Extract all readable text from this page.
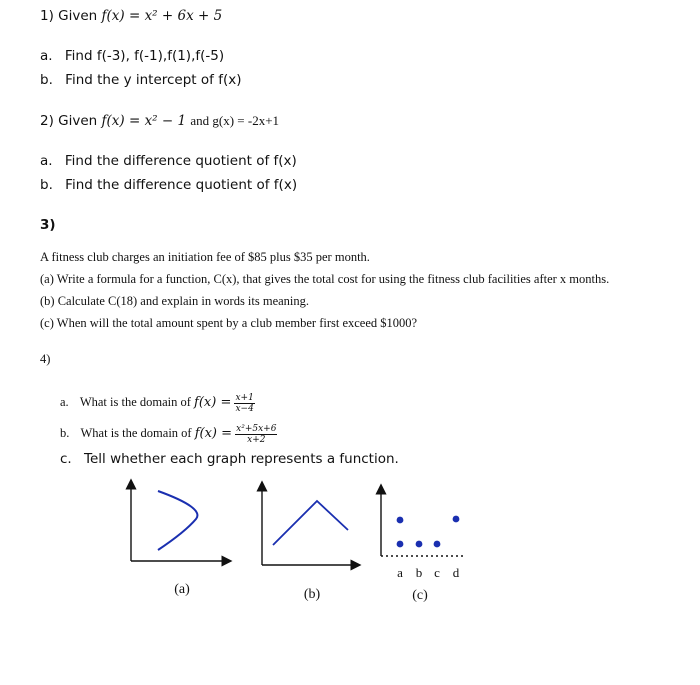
1) Given f(x) = x² + 6x + 5
a. Find f(-3), f(-1),f(1),f(-5)
b. Find the y intercept of f(x)
2) Given f(x) = x² − 1 and g(x) = -2x+1
a. Find the difference quotient of f(x)
b. Find the difference quotient of f(x)
3)
A fitness club charges an initiation fee of $85 plus $35 per month.
(a) Write a formula for a function, C(x), that gives the total cost for using the fitness club facilities after x months.
(b) Calculate C(18) and explain in words its meaning.
(c) When will the total amount spent by a club member first exceed $1000?
4)
a. What is the domain of $f(x) = \frac{x+1}{x-4}$
b. What is the domain of $f(x) = \frac{\text{x²+5x+6}}{x+2}$
c. Tell whether each graph represents a function.
(a)	(b)
a b c d
(c)
